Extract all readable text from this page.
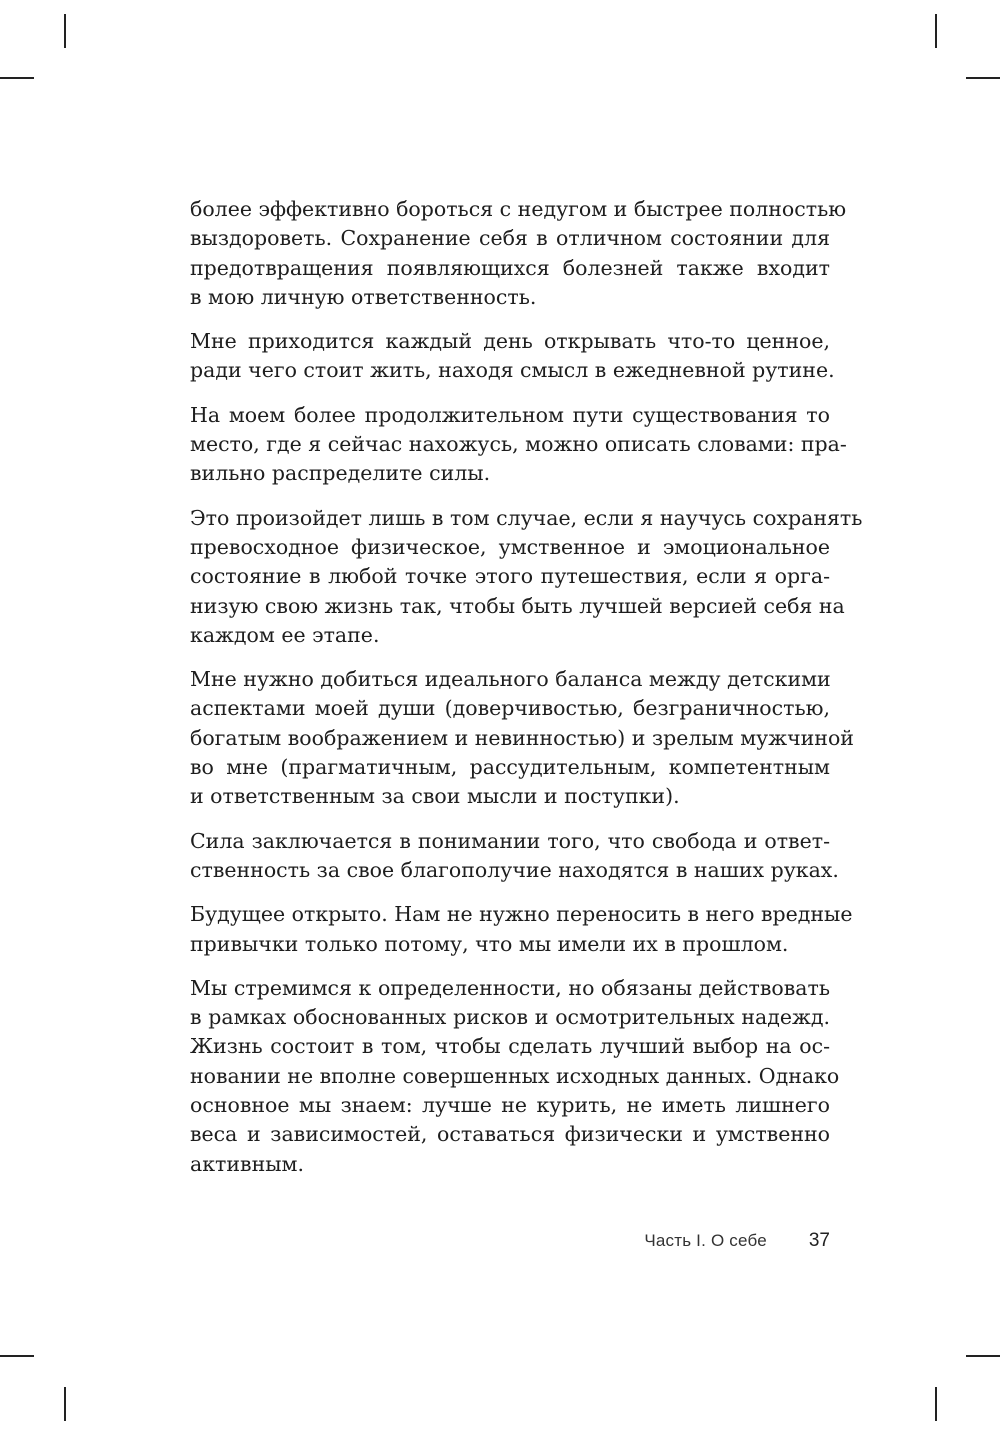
более эффективно бороться с недугом и быстрее полностью
выздороветь. Сохранение себя в отличном состоянии для
предотвращения появляющихся болезней также входит
в мою личную ответственность.

Мне приходится каждый день открывать что-то ценное,
ради чего стоит жить, находя смысл в ежедневной рутине.

На моем более продолжительном пути существования то
место, где я сейчас нахожусь, можно описать словами: пра-
вильно распределите силы.

Это произойдет лишь в том случае, если я научусь сохранять
превосходное физическое, умственное и эмоциональное
состояние в любой точке этого путешествия, если я орга-
низую свою жизнь так, чтобы быть лучшей версией себя на
каждом ее этапе.

Мне нужно добиться идеального баланса между детскими
аспектами моей души (доверчивостью, безграничностью,
богатым воображением и невинностью) и зрелым мужчиной
во мне (прагматичным, рассудительным, компетентным
и ответственным за свои мысли и поступки).

Сила заключается в понимании того, что свобода и ответ-
ственность за свое благополучие находятся в наших руках.

Будущее открыто. Нам не нужно переносить в него вредные
привычки только потому, что мы имели их в прошлом.

Мы стремимся к определенности, но обязаны действовать
в рамках обоснованных рисков и осмотрительных надежд.
Жизнь состоит в том, чтобы сделать лучший выбор на ос-
новании не вполне совершенных исходных данных. Однако
основное мы знаем: лучше не курить, не иметь лишнего
веса и зависимостей, оставаться физически и умственно
активным.

Часть I. О себе 37
